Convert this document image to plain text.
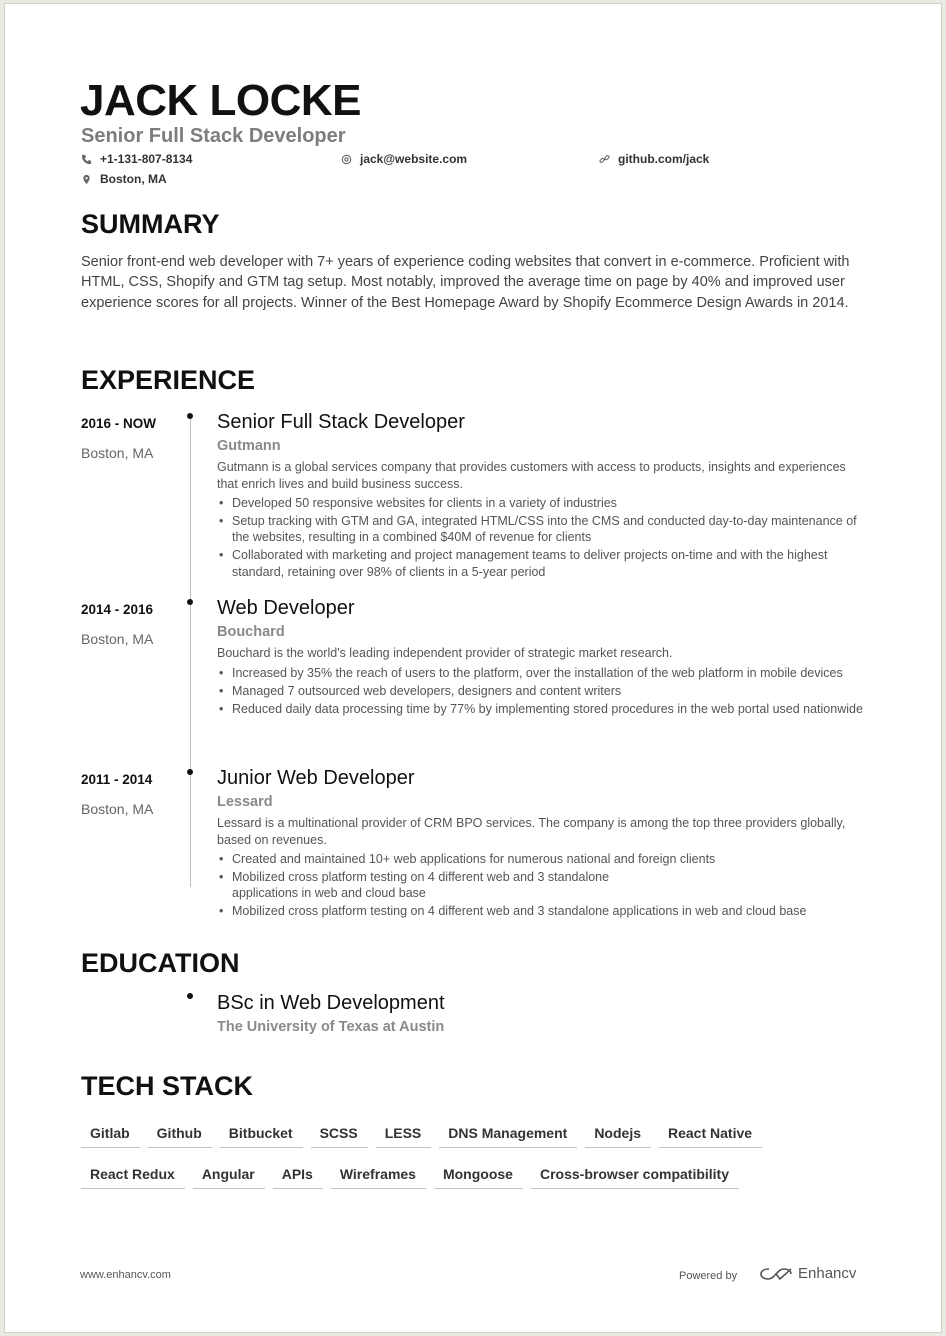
JACK LOCKE
Senior Full Stack Developer
+1-131-807-8134	jack@website.com	github.com/jack
Boston, MA
SUMMARY
Senior front-end web developer with 7+ years of experience coding websites that convert in e-commerce. Proficient with HTML, CSS, Shopify and GTM tag setup. Most notably, improved the average time on page by 40% and improved user experience scores for all projects. Winner of the Best Homepage Award by Shopify Ecommerce Design Awards in 2014.
EXPERIENCE
2016 - NOW
Boston, MA
Senior Full Stack Developer
Gutmann
Gutmann is a global services company that provides customers with access to products, insights and experiences that enrich lives and build business success.
• Developed 50 responsive websites for clients in a variety of industries
• Setup tracking with GTM and GA, integrated HTML/CSS into the CMS and conducted day-to-day maintenance of the websites, resulting in a combined $40M of revenue for clients
• Collaborated with marketing and project management teams to deliver projects on-time and with the highest standard, retaining over 98% of clients in a 5-year period
2014 - 2016
Boston, MA
Web Developer
Bouchard
Bouchard is the world's leading independent provider of strategic market research.
• Increased by 35% the reach of users to the platform, over the installation of the web platform in mobile devices
• Managed 7 outsourced web developers, designers and content writers
• Reduced daily data processing time by 77% by implementing stored procedures in the web portal used nationwide
2011 - 2014
Boston, MA
Junior Web Developer
Lessard
Lessard is a multinational provider of CRM BPO services. The company is among the top three providers globally, based on revenues.
• Created and maintained 10+ web applications for numerous national and foreign clients
• Mobilized cross platform testing on 4 different web and 3 standalone applications in web and cloud base
• Mobilized cross platform testing on 4 different web and 3 standalone applications in web and cloud base
EDUCATION
BSc in Web Development
The University of Texas at Austin
TECH STACK
Gitlab	Github	Bitbucket	SCSS	LESS	DNS Management	Nodejs	React Native
React Redux	Angular	APIs	Wireframes	Mongoose	Cross-browser compatibility
www.enhancv.com	Powered by	Enhancv
